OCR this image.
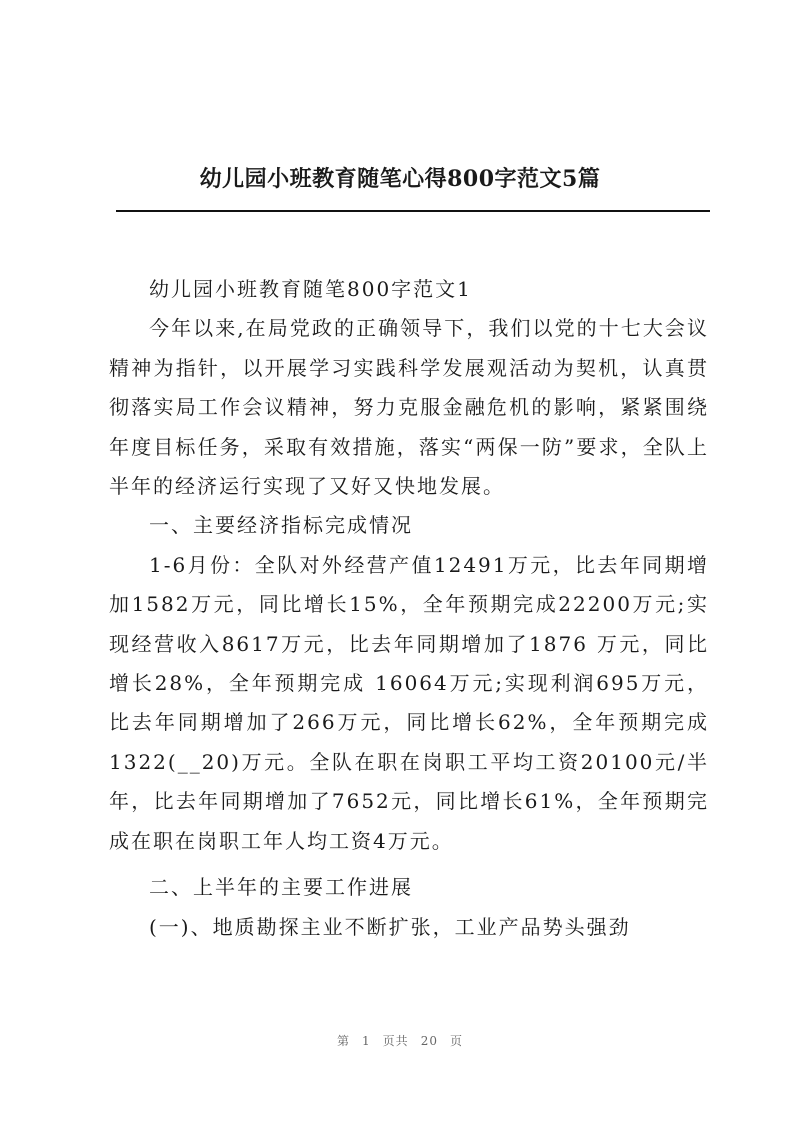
幼儿园小班教育随笔心得800字范文5篇

幼儿园小班教育随笔800字范文1

今年以来,在局党政的正确领导下，我们以党的十七大会议精神为指针，以开展学习实践科学发展观活动为契机，认真贯彻落实局工作会议精神，努力克服金融危机的影响，紧紧围绕年度目标任务，采取有效措施，落实“两保一防”要求，全队上半年的经济运行实现了又好又快地发展。

一、主要经济指标完成情况

1-6月份：全队对外经营产值12491万元，比去年同期增加1582万元，同比增长15%，全年预期完成22200万元;实现经营收入8617万元，比去年同期增加了1876 万元，同比增长28%，全年预期完成 16064万元;实现利润695万元，比去年同期增加了266万元，同比增长62%，全年预期完成1322(__20)万元。全队在职在岗职工平均工资20100元/半年，比去年同期增加了7652元，同比增长61%，全年预期完成在职在岗职工年人均工资4万元。

二、上半年的主要工作进展

(一)、地质勘探主业不断扩张，工业产品势头强劲

第 1 页共 20 页
